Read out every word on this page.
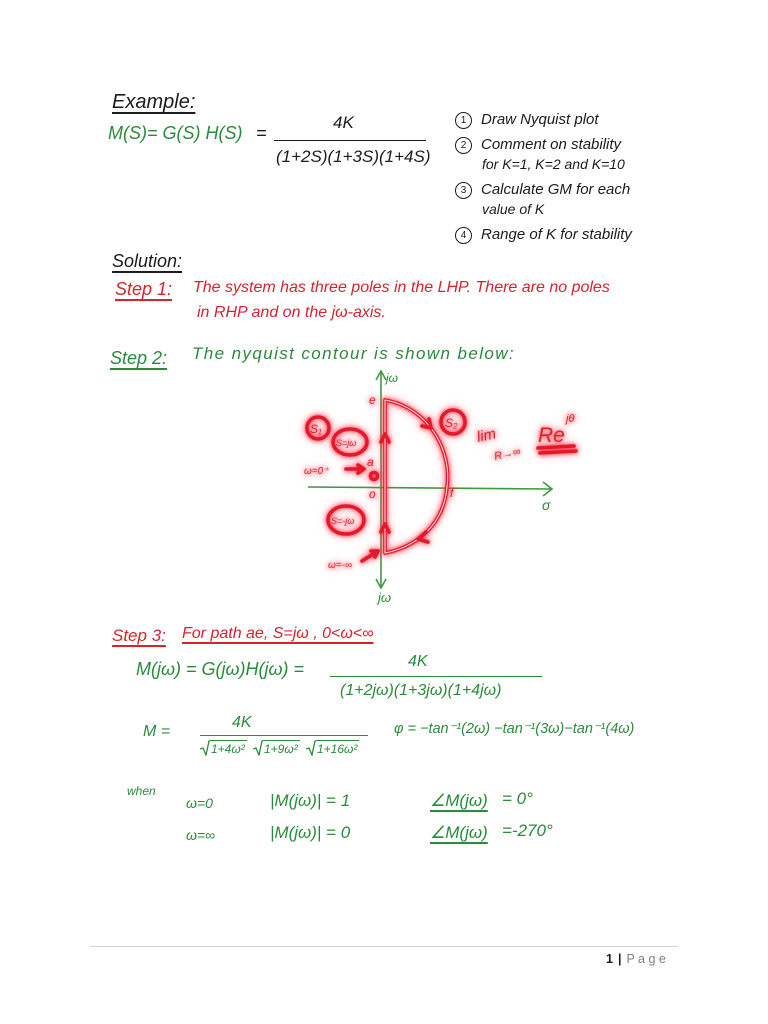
Example:
M(S)= G(S) H(S) =
4K
(1+2S)(1+3S)(1+4S)
1 Draw Nyquist plot
2 Comment on stability
for K=1, K=2 and K=10
3 Calculate GM for each
value of K
4 Range of K for stability
Solution:
Step 1: The system has three poles in the LHP. There are no poles
in RHP and on the jω-axis.
Step 2: The nyquist contour is shown below:
jω
jω
σ
e
a
o	f
S₁
S=jω
ω=0⁺
S=-jω
ω=-∞
S₂
lim
R→∞
Re
jθ
Step 3: For path ae, S=jω , 0<ω<∞
M(jω) = G(jω)H(jω) =	4K
(1+2jω)(1+3jω)(1+4jω)
M =
4K
1+4ω²	1+9ω²	1+16ω²
φ = −tan⁻¹(2ω) −tan⁻¹(3ω)−tan⁻¹(4ω)
when
ω=0	|M(jω)| = 1	∠M(jω) = 0°
ω=∞	|M(jω)| = 0	∠M(jω) =-270°
1 | P a g e
